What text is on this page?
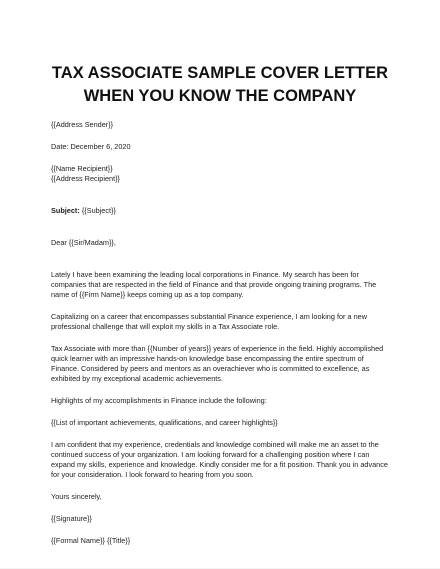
TAX ASSOCIATE SAMPLE COVER LETTER
WHEN YOU KNOW THE COMPANY

{{Address Sender}}

Date: December 6, 2020

{{Name Recipient}}

{{Address Recipient}}

Subject: {{Subject}}

Dear {{Sir/Madam}},

Lately I have been examining the leading local corporations in Finance. My search has been for companies that are respected in the field of Finance and that provide ongoing training programs. The name of {{Firm Name}} keeps coming up as a top company.

Capitalizing on a career that encompasses substantial Finance experience, I am looking for a new professional challenge that will exploit my skills in a Tax Associate role.

Tax Associate with more than {{Number of years}} years of experience in the field. Highly accomplished quick learner with an impressive hands-on knowledge base encompassing the entire spectrum of Finance. Considered by peers and mentors as an overachiever who is committed to excellence, as exhibited by my exceptional academic achievements.

Highlights of my accomplishments in Finance include the following:

{{List of important achievements, qualifications, and career highlights}}

I am confident that my experience, credentials and knowledge combined will make me an asset to the continued success of your organization. I am looking forward for a challenging position where I can expand my skills, experience and knowledge. Kindly consider me for a fit position. Thank you in advance for your consideration. I look forward to hearing from you soon.

Yours sincerely,

{{Signature}}

{{Formal Name}} {{Title}}
